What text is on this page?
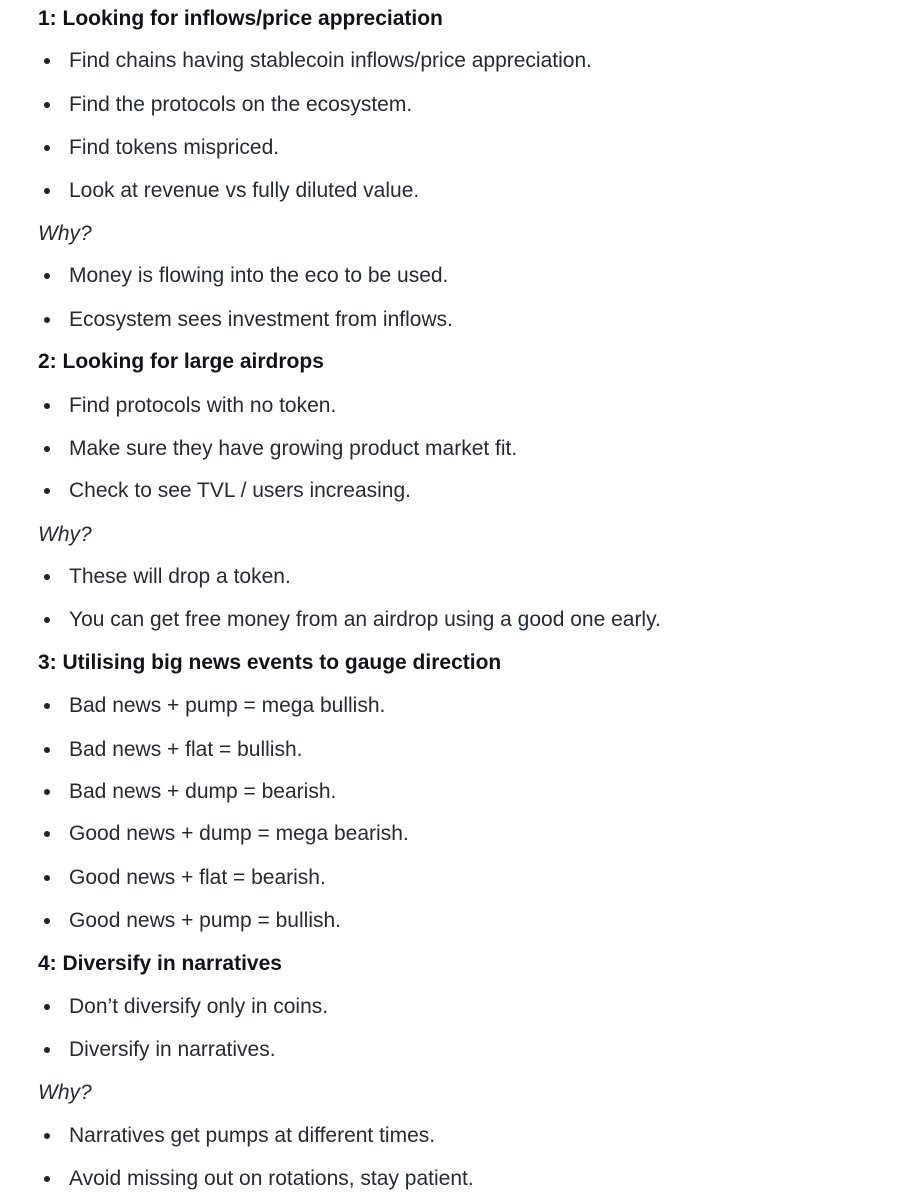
1: Looking for inflows/price appreciation
Find chains having stablecoin inflows/price appreciation.
Find the protocols on the ecosystem.
Find tokens mispriced.
Look at revenue vs fully diluted value.
Why?
Money is flowing into the eco to be used.
Ecosystem sees investment from inflows.
2: Looking for large airdrops
Find protocols with no token.
Make sure they have growing product market fit.
Check to see TVL / users increasing.
Why?
These will drop a token.
You can get free money from an airdrop using a good one early.
3: Utilising big news events to gauge direction
Bad news + pump = mega bullish.
Bad news + flat = bullish.
Bad news + dump = bearish.
Good news + dump = mega bearish.
Good news + flat = bearish.
Good news + pump = bullish.
4: Diversify in narratives
Don’t diversify only in coins.
Diversify in narratives.
Why?
Narratives get pumps at different times.
Avoid missing out on rotations, stay patient.
